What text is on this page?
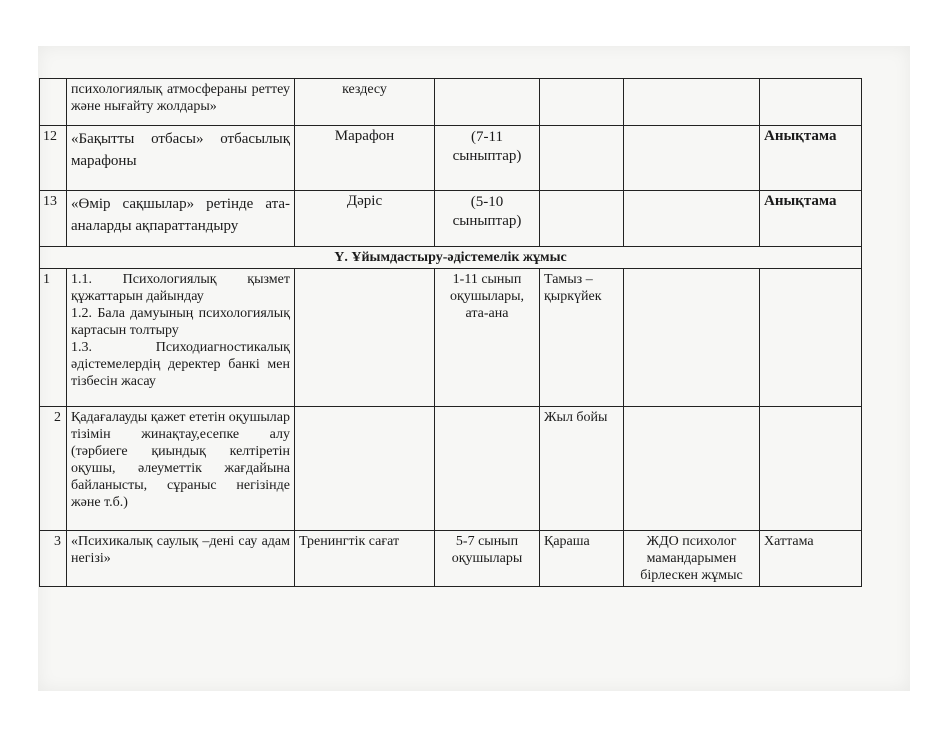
	психологиялық атмосфераны реттеу және нығайту жолдары»	кездесу				
12	«Бақытты отбасы» отбасылық марафоны	Марафон	(7-11 сыныптар)			Анықтама
13	«Өмір сақшылар» ретінде ата-аналарды ақпараттандыру	Дәріс	(5-10 сыныптар)			Анықтама
Ү. Ұйымдастыру-әдістемелік жұмыс						
1	1.1. Психологиялық қызмет құжаттарын дайындау
1.2. Бала дамуының психологиялық картасын толтыру
1.3. Психодиагностикалық әдістемелердің деректер банкі мен тізбесін жасау		1-11 сынып оқушылары, ата-ана	Тамыз – қыркүйек		
2	Қадағалауды қажет ететін оқушылар тізімін жинақтау,есепке алу (тәрбиеге қиындық келтіретін оқушы, әлеуметтік жағдайына байланысты, сұраныс негізінде және т.б.)			Жыл бойы		
3	«Психикалық саулық –дені сау адам негізі»	Тренингтік сағат	5-7 сынып оқушылары	Қараша	ЖДО психолог мамандарымен бірлескен жұмыс	Хаттама
